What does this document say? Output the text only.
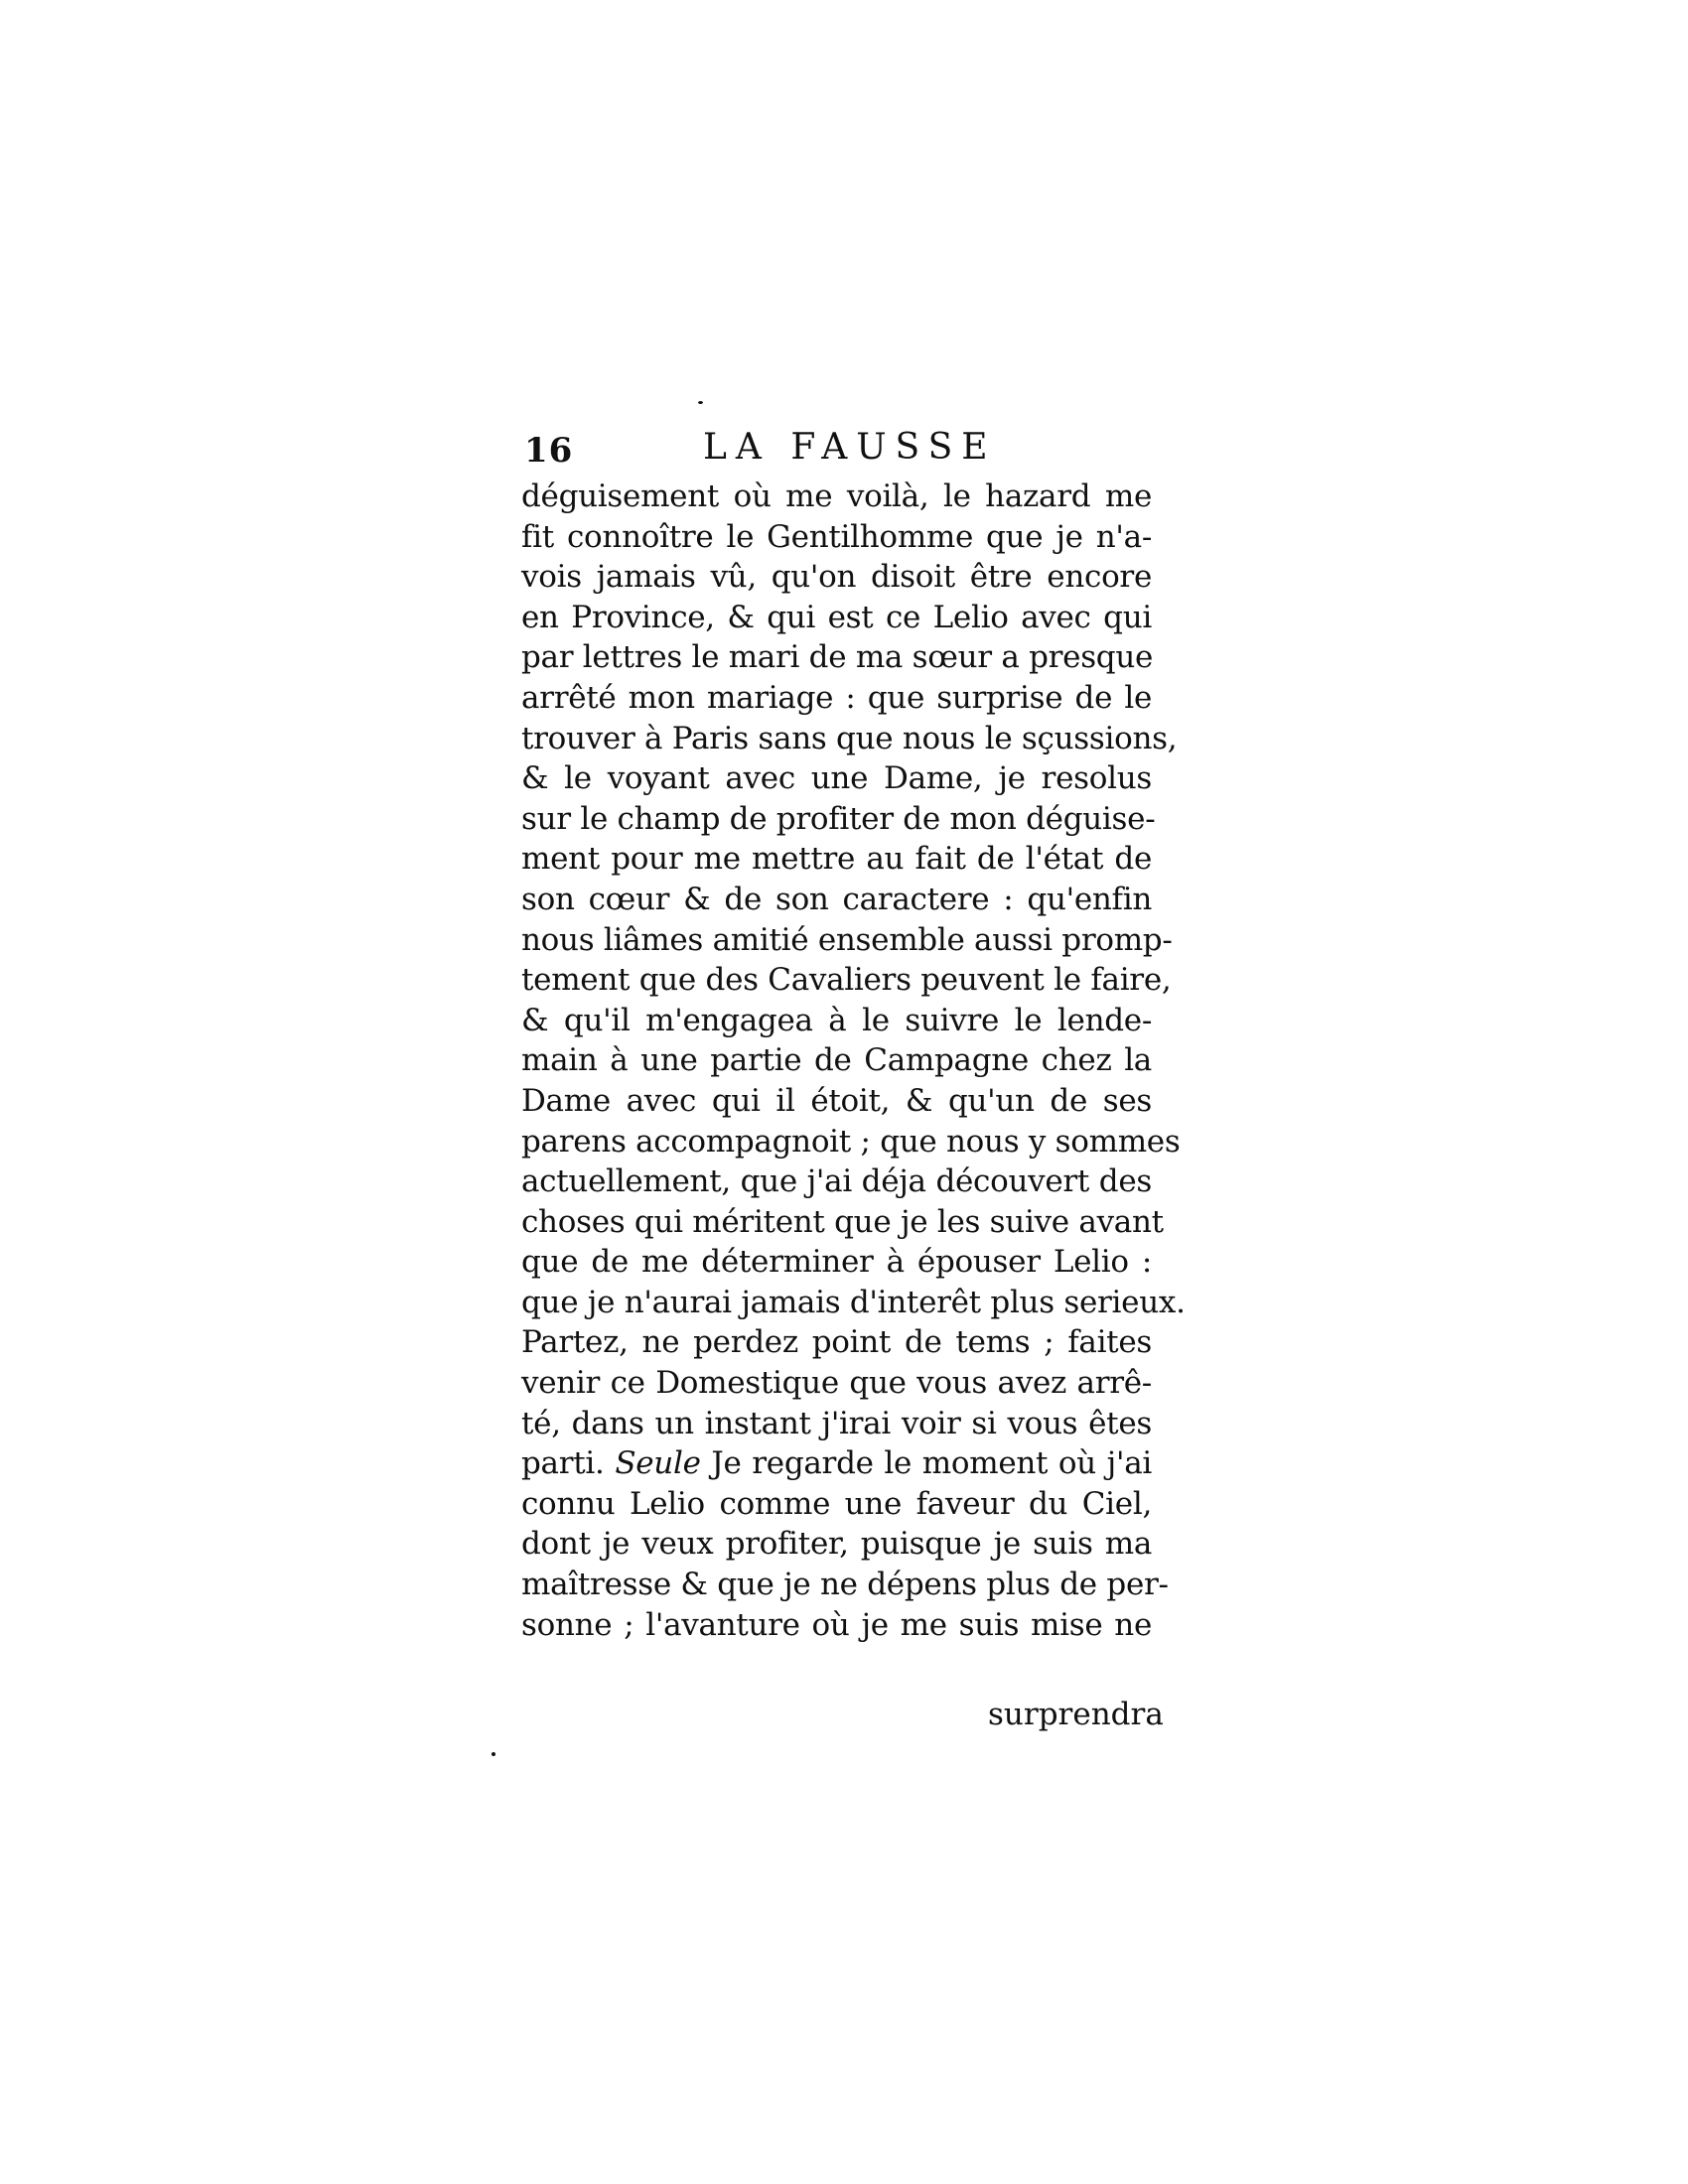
16	LA FAUSSE
déguisement où me voilà, le hazard me
fit connoître le Gentilhomme que je n'a-
vois jamais vû, qu'on disoit être encore
en Province, & qui est ce Lelio avec qui
par lettres le mari de ma sœur a presque
arrêté mon mariage : que surprise de le
trouver à Paris sans que nous le sçussions,
& le voyant avec une Dame, je resolus
sur le champ de profiter de mon déguise-
ment pour me mettre au fait de l'état de
son cœur & de son caractere : qu'enfin
nous liâmes amitié ensemble aussi promp-
tement que des Cavaliers peuvent le faire,
& qu'il m'engagea à le suivre le lende-
main à une partie de Campagne chez la
Dame avec qui il étoit, & qu'un de ses
parens accompagnoit ; que nous y sommes
actuellement, que j'ai déja découvert des
choses qui méritent que je les suive avant
que de me déterminer à épouser Lelio :
que je n'aurai jamais d'interêt plus serieux.
Partez, ne perdez point de tems ; faites
venir ce Domestique que vous avez arrê-
té, dans un instant j'irai voir si vous êtes
parti. Seule Je regarde le moment où j'ai
connu Lelio comme une faveur du Ciel,
dont je veux profiter, puisque je suis ma
maîtresse & que je ne dépens plus de per-
sonne ; l'avanture où je me suis mise ne
surprendra
